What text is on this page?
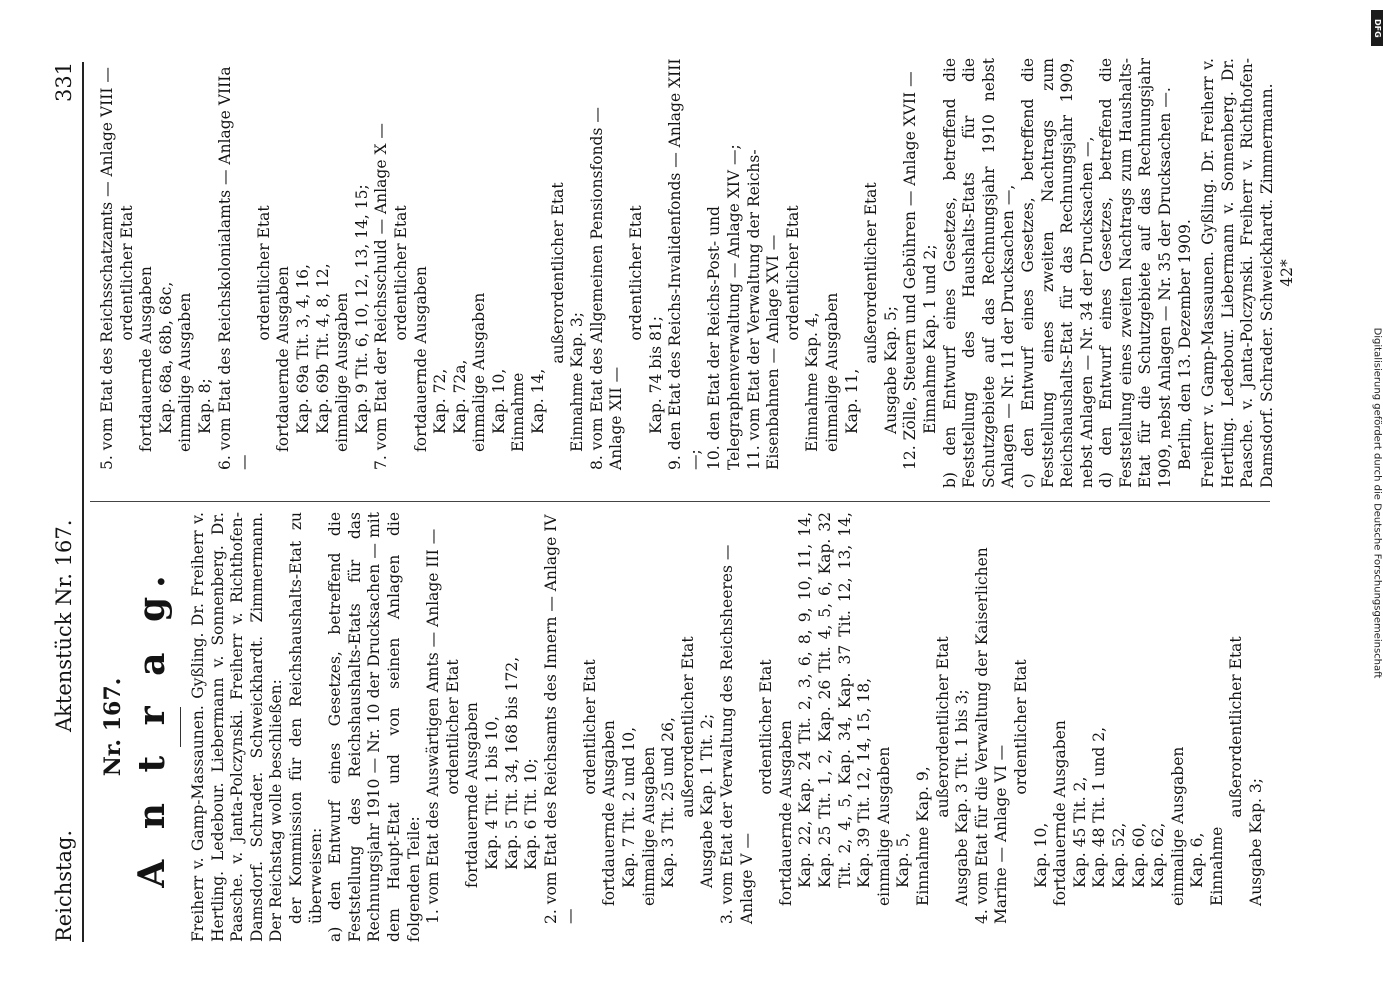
Reichstag.
Aktenstück Nr. 167.
331

Nr. 167. A n t r a g. Freiherr v. Gamp-Massaunen. Gyßling. Dr. Freiherr v. Hertling. Ledebour. Liebermann v. Sonnenberg. Dr. Paasche. v. Janta-Polczynski. Freiherr v. Richthofen-Damsdorf. Schrader. Schweickhardt. Zimmermann. Der Reichstag wolle beschließen: der Kommission für den Reichshaushalts-Etat zu überweisen: a) den Entwurf eines Gesetzes, betreffend die Feststellung des Reichshaushalts-Etats für das Rechnungsjahr 1910 — Nr. 10 der Drucksachen — mit dem Haupt-Etat und von seinen Anlagen die folgenden Teile: 1. vom Etat des Auswärtigen Amts — Anlage III — ordentlicher Etat fortdauernde Ausgaben Kap. 4 Tit. 1 bis 10, Kap. 5 Tit. 34, 168 bis 172, Kap. 6 Tit. 10; 2. vom Etat des Reichsamts des Innern — Anlage IV —

ordentlicher Etat fortdauernde Ausgaben Kap. 7 Tit. 2 und 10, einmalige Ausgaben Kap. 3 Tit. 25 und 26, außerordentlicher Etat Ausgabe Kap. 1 Tit. 2; 3. vom Etat der Verwaltung des Reichsheeres — Anlage V —

ordentlicher Etat fortdauernde Ausgaben Kap. 22, Kap. 24 Tit. 2, 3, 6, 8, 9, 10, 11, 14, Kap. 25 Tit. 1, 2, Kap. 26 Tit. 4, 5, 6, Kap. 32 Tit. 2, 4, 5, Kap. 34, Kap. 37 Tit. 12, 13, 14, Kap. 39 Tit. 12, 14, 15, 18, einmalige Ausgaben Kap. 5, Einnahme Kap. 9,

außerordentlicher Etat Ausgabe Kap. 3 Tit. 1 bis 3; 4. vom Etat für die Verwaltung der Kaiserlichen Marine — Anlage VI —

ordentlicher Etat

Kap. 10, fortdauernde Ausgaben Kap. 45 Tit. 2, Kap. 48 Tit. 1 und 2, Kap. 52, Kap. 60, Kap. 62, einmalige Ausgaben Kap. 6, Einnahme

außerordentlicher Etat

Ausgabe Kap. 3;

5. vom Etat des Reichsschatzamts — Anlage VIII — ordentlicher Etat fortdauernde Ausgaben Kap. 68a, 68b, 68c, einmalige Ausgaben Kap. 8; 6. vom Etat des Reichskolonialamts — Anlage VIIIa —

ordentlicher Etat fortdauernde Ausgaben Kap. 69a Tit. 3, 4, 16, Kap. 69b Tit. 4, 8, 12, einmalige Ausgaben Kap. 9 Tit. 6, 10, 12, 13, 14, 15; 7. vom Etat der Reichsschuld — Anlage X — ordentlicher Etat fortdauernde Ausgaben Kap. 72, Kap. 72a, einmalige Ausgaben Kap. 10, Einnahme Kap. 14,

außerordentlicher Etat

Einnahme Kap. 3; 8. vom Etat des Allgemeinen Pensionsfonds — Anlage XII —

ordentlicher Etat

Kap. 74 bis 81; 9. den Etat des Reichs-Invalidenfonds — Anlage XIII —; 10. den Etat der Reichs-Post- und Telegraphenverwaltung — Anlage XIV —; 11. vom Etat der Verwaltung der Reichs-Eisenbahnen — Anlage XVI — ordentlicher Etat

Einnahme Kap. 4, einmalige Ausgaben Kap. 11,

außerordentlicher Etat

Ausgabe Kap. 5; 12. Zölle, Steuern und Gebühren — Anlage XVII — Einnahme Kap. 1 und 2; b) den Entwurf eines Gesetzes, betreffend die Feststellung des Haushalts-Etats für die Schutzgebiete auf das Rechnungsjahr 1910 nebst Anlagen — Nr. 11 der Drucksachen —, c) den Entwurf eines Gesetzes, betreffend die Feststellung eines zweiten Nachtrags zum Reichshaushalts-Etat für das Rechnungsjahr 1909, nebst Anlagen — Nr. 34 der Drucksachen —, d) den Entwurf eines Gesetzes, betreffend die Feststellung eines zweiten Nachtrags zum Haushalts-Etat für die Schutzgebiete auf das Rechnungsjahr 1909, nebst Anlagen — Nr. 35 der Drucksachen —. Berlin, den 13. Dezember 1909. Freiherr v. Gamp-Massaunen. Gyßling. Dr. Freiherr v. Hertling. Ledebour. Liebermann v. Sonnenberg. Dr. Paasche. v. Janta-Polczynski. Freiherr v. Richthofen-Damsdorf. Schrader. Schweickhardt. Zimmermann. 42*

Digitalisierung gefördert durch die Deutsche Forschungsgemeinschaft
DFG
